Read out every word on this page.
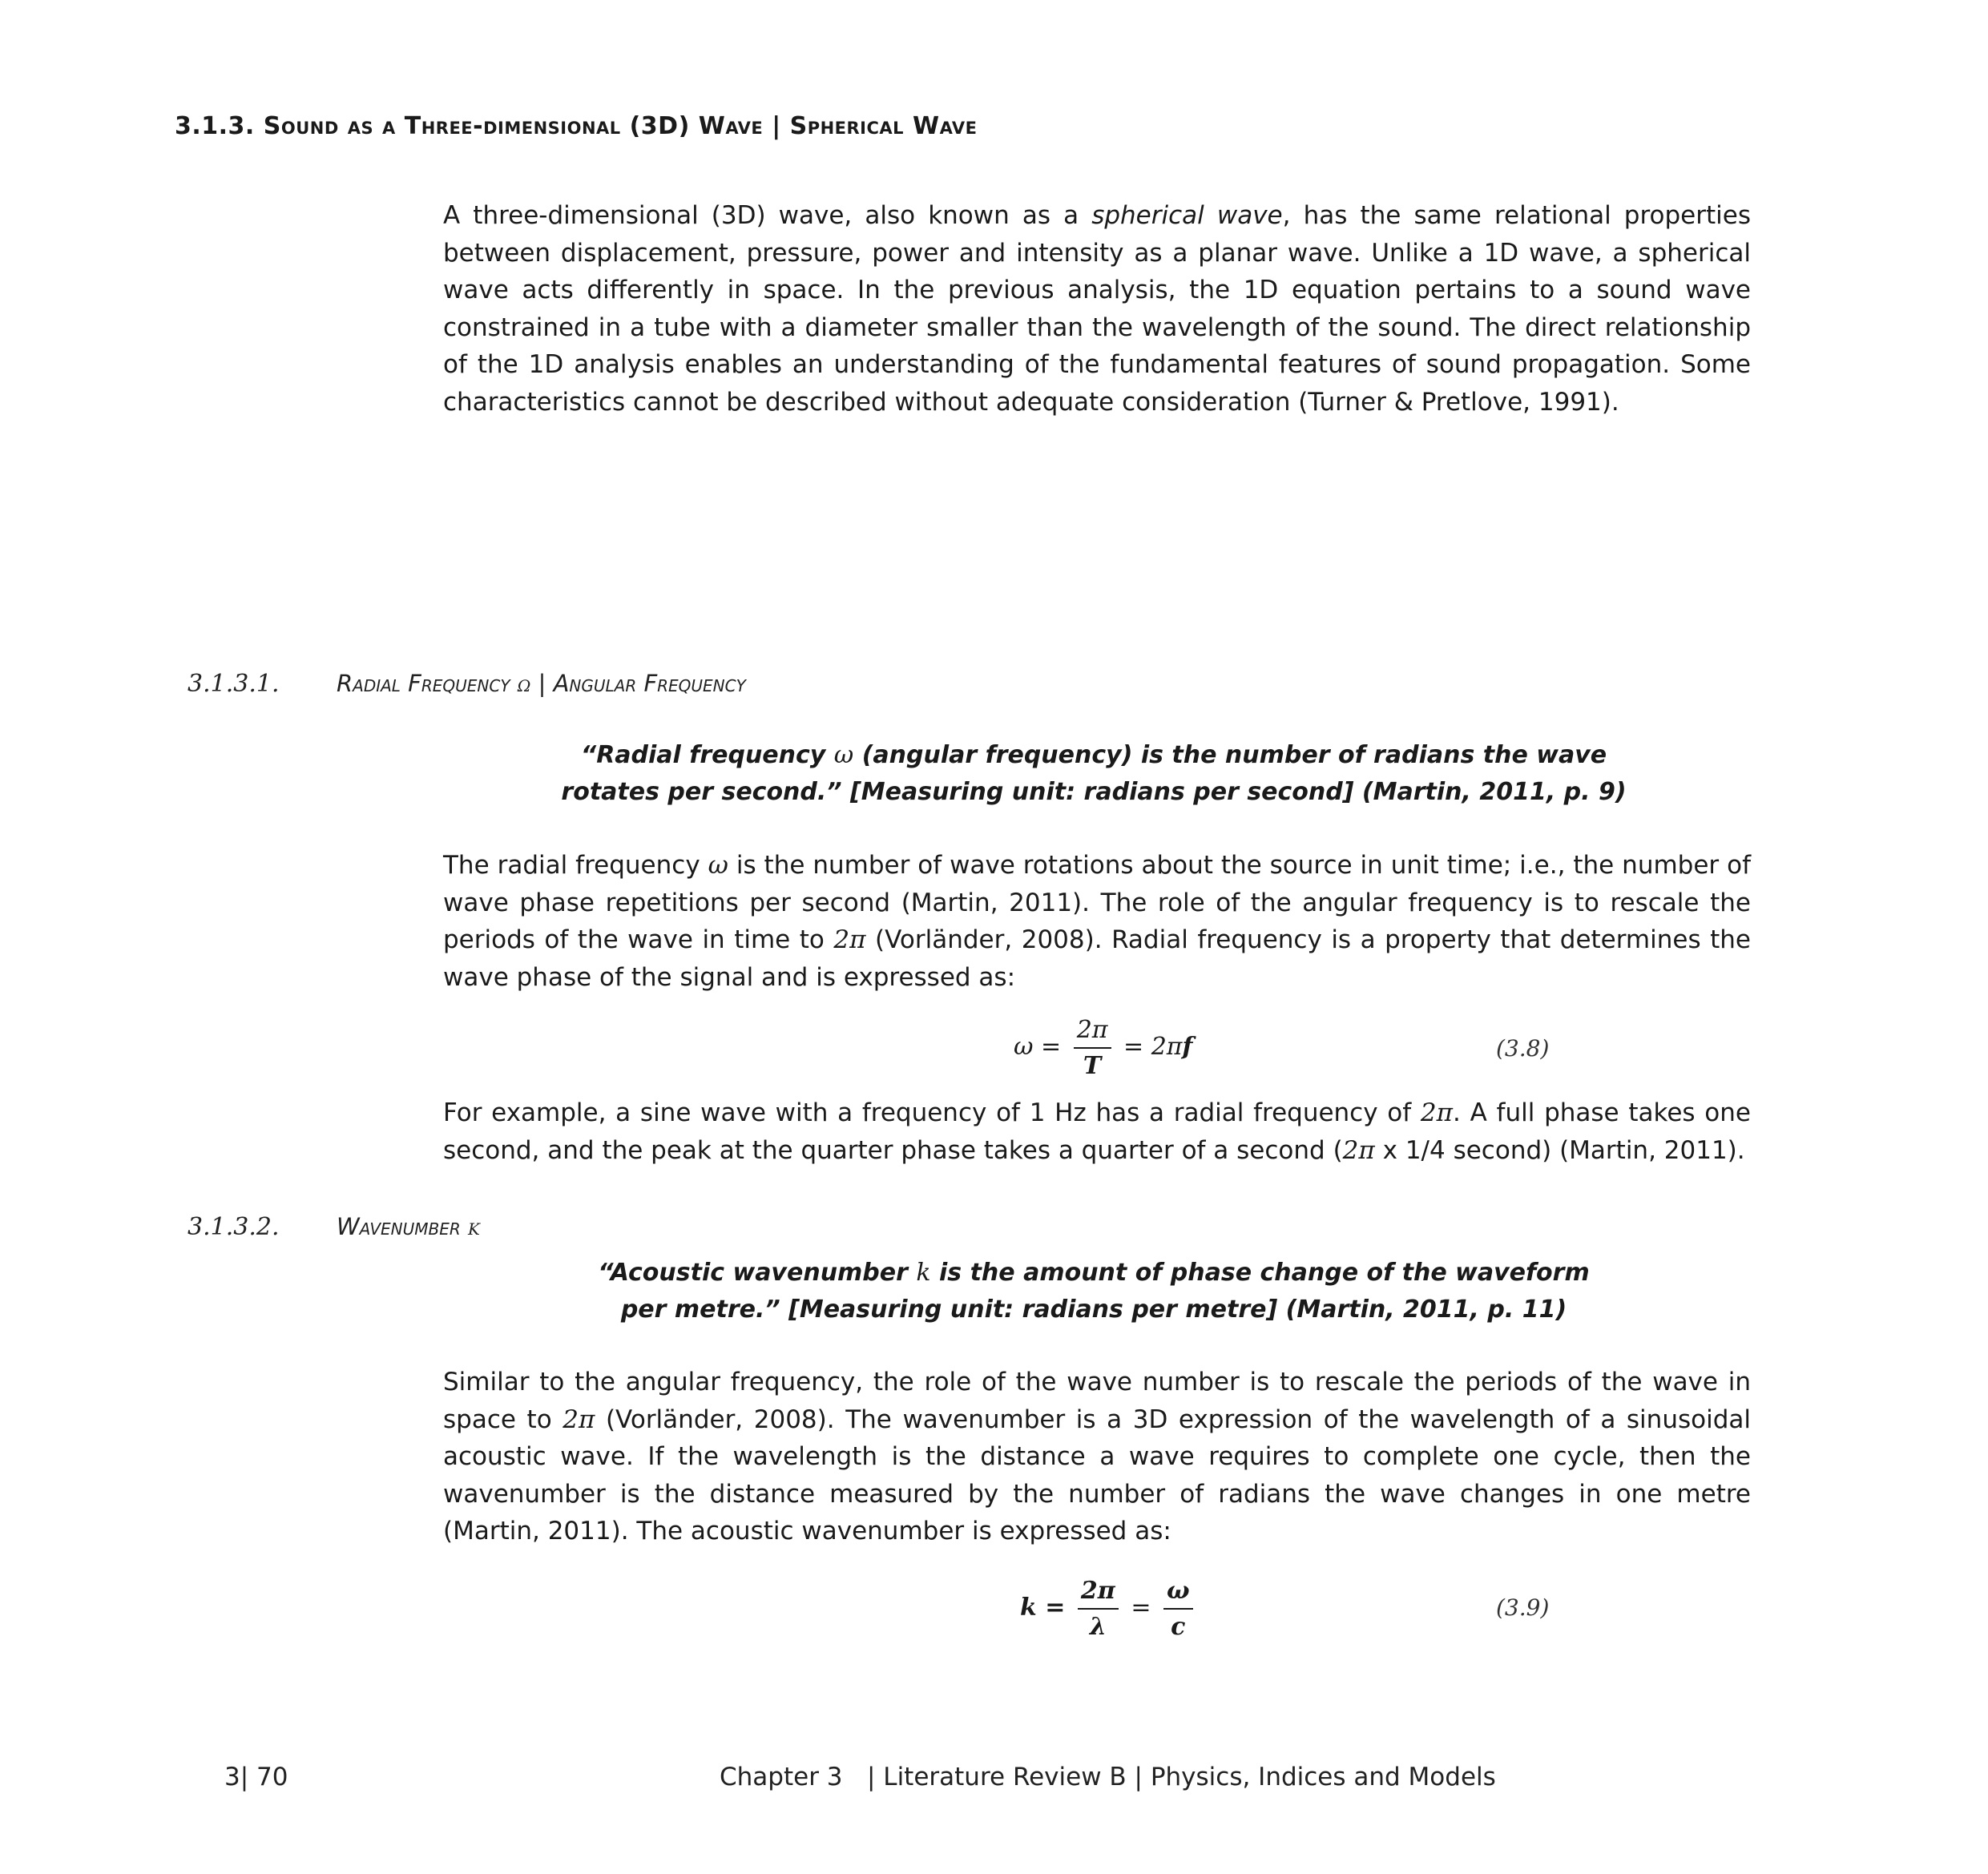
3.1.3. Sound as a Three-dimensional (3D) Wave | Spherical Wave
A three-dimensional (3D) wave, also known as a spherical wave, has the same relational properties between displacement, pressure, power and intensity as a planar wave. Unlike a 1D wave, a spherical wave acts differently in space. In the previous analysis, the 1D equation pertains to a sound wave constrained in a tube with a diameter smaller than the wavelength of the sound. The direct relationship of the 1D analysis enables an understanding of the fundamental features of sound propagation. Some characteristics cannot be described without adequate consideration (Turner & Pretlove, 1991).
3.1.3.1. Radial Frequency ω | Angular Frequency
“Radial frequency ω (angular frequency) is the number of radians the wave
rotates per second.” [Measuring unit: radians per second] (Martin, 2011, p. 9)
The radial frequency ω is the number of wave rotations about the source in unit time; i.e., the number of wave phase repetitions per second (Martin, 2011). The role of the angular frequency is to rescale the periods of the wave in time to 2π (Vorländer, 2008). Radial frequency is a property that determines the wave phase of the signal and is expressed as:
$\omega = \frac{2\pi}{T} = 2\pi f$	(3.8)
For example, a sine wave with a frequency of 1 Hz has a radial frequency of 2π. A full phase takes one second, and the peak at the quarter phase takes a quarter of a second (2π x 1/4 second) (Martin, 2011).
3.1.3.2. Wavenumber k
“Acoustic wavenumber k is the amount of phase change of the waveform
per metre.” [Measuring unit: radians per metre] (Martin, 2011, p. 11)
Similar to the angular frequency, the role of the wave number is to rescale the periods of the wave in space to 2π (Vorländer, 2008). The wavenumber is a 3D expression of the wavelength of a sinusoidal acoustic wave. If the wavelength is the distance a wave requires to complete one cycle, then the wavenumber is the distance measured by the number of radians the wave changes in one metre (Martin, 2011). The acoustic wavenumber is expressed as:
$k = \frac{2\pi}{\lambda} = \frac{\omega}{c}$	(3.9)
3| 70	Chapter 3 | Literature Review B | Physics, Indices and Models
